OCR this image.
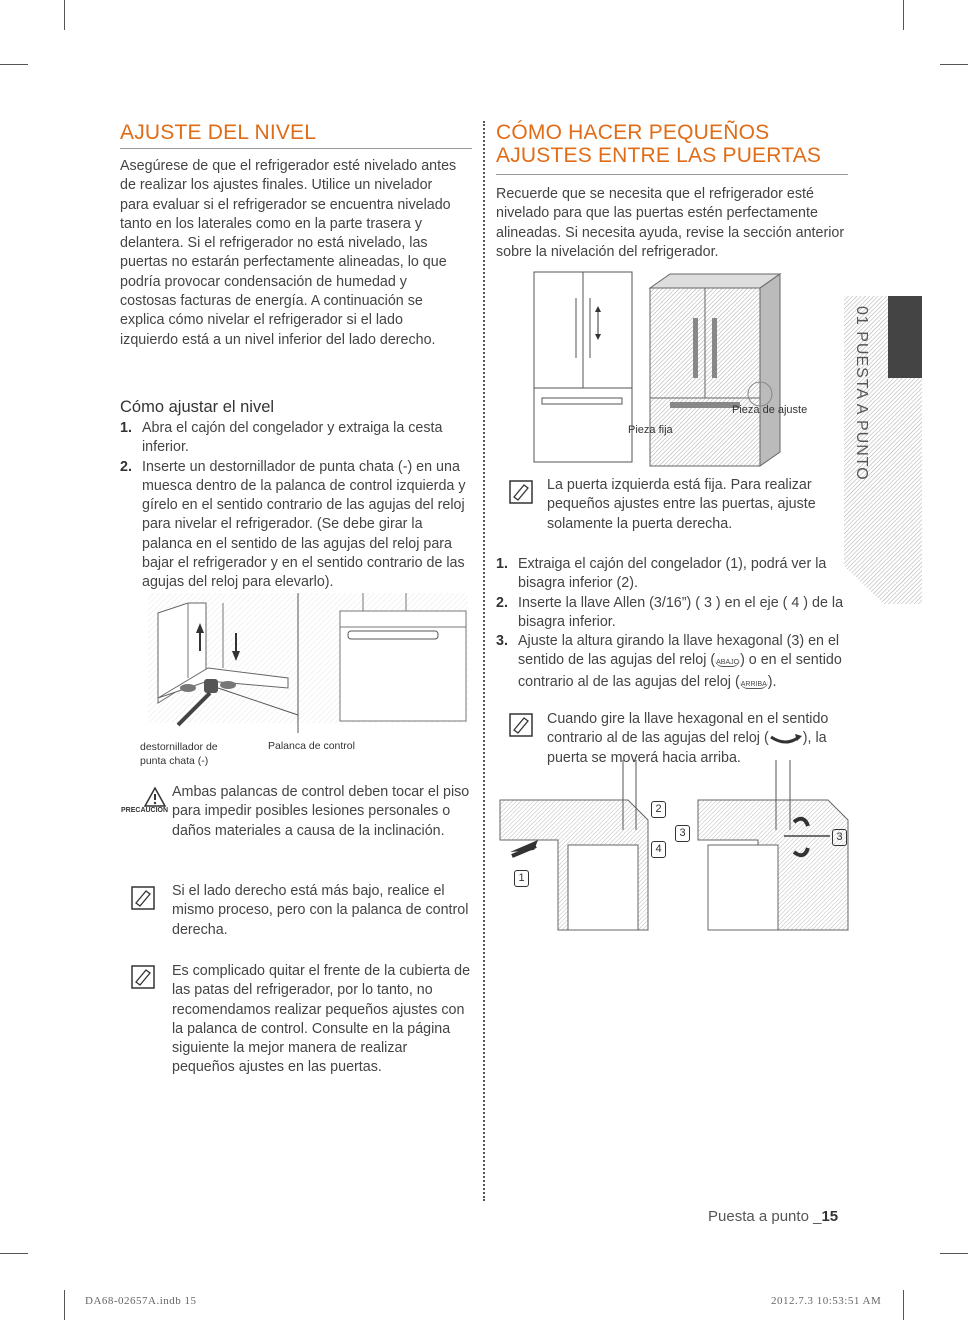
AJUSTE DEL NIVEL

Asegúrese de que el refrigerador esté nivelado antes de realizar los ajustes finales. Utilice un nivelador para evaluar si el refrigerador se encuentra nivelado tanto en los laterales como en la parte trasera y delantera. Si el refrigerador no está nivelado, las puertas no estarán perfectamente alineadas, lo que podría provocar condensación de humedad y costosas facturas de energía. A continuación se explica cómo nivelar el refrigerador si el lado izquierdo está a un nivel inferior del lado derecho.

Cómo ajustar el nivel
1. Abra el cajón del congelador y extraiga la cesta inferior.
2. Inserte un destornillador de punta chata (-) en una muesca dentro de la palanca de control izquierda y gírelo en el sentido contrario de las agujas del reloj para nivelar el refrigerador. (Se debe girar la palanca en el sentido de las agujas del reloj para bajar el refrigerador y en el sentido contrario de las agujas del reloj para elevarlo).
destornillador de
punta chata (-)
Palanca de control
PRECAUCIÓN
Ambas palancas de control deben tocar el piso para impedir posibles lesiones personales o daños materiales a causa de la inclinación.
Si el lado derecho está más bajo, realice el mismo proceso, pero con la palanca de control derecha.
Es complicado quitar el frente de la cubierta de las patas del refrigerador, por lo tanto, no recomendamos realizar pequeños ajustes con la palanca de control. Consulte en la página siguiente la mejor manera de realizar pequeños ajustes en las puertas.
CÓMO HACER PEQUEÑOS
AJUSTES ENTRE LAS PUERTAS
Recuerde que se necesita que el refrigerador esté nivelado para que las puertas estén perfectamente alineadas. Si necesita ayuda, revise la sección anterior sobre la nivelación del refrigerador.
Pieza de ajuste
Pieza fija
La puerta izquierda está fija. Para realizar pequeños ajustes entre las puertas, ajuste solamente la puerta derecha.
1. Extraiga el cajón del congelador (1), podrá ver la bisagra inferior (2).
2. Inserte la llave Allen (3/16”) ( 3 ) en el eje ( 4 ) de la bisagra inferior.
3. Ajuste la altura girando la llave hexagonal (3) en el sentido de las agujas del reloj (ABAJO) o en el sentido contrario al de las agujas del reloj (ARRIBA).
Cuando gire la llave hexagonal en el sentido contrario al de las agujas del reloj ( ), la puerta se moverá hacia arriba.
2
3
4
1
3
01 PUESTA A PUNTO
Puesta a punto _15
DA68-02657A.indb 15	2012.7.3 10:53:51 AM
